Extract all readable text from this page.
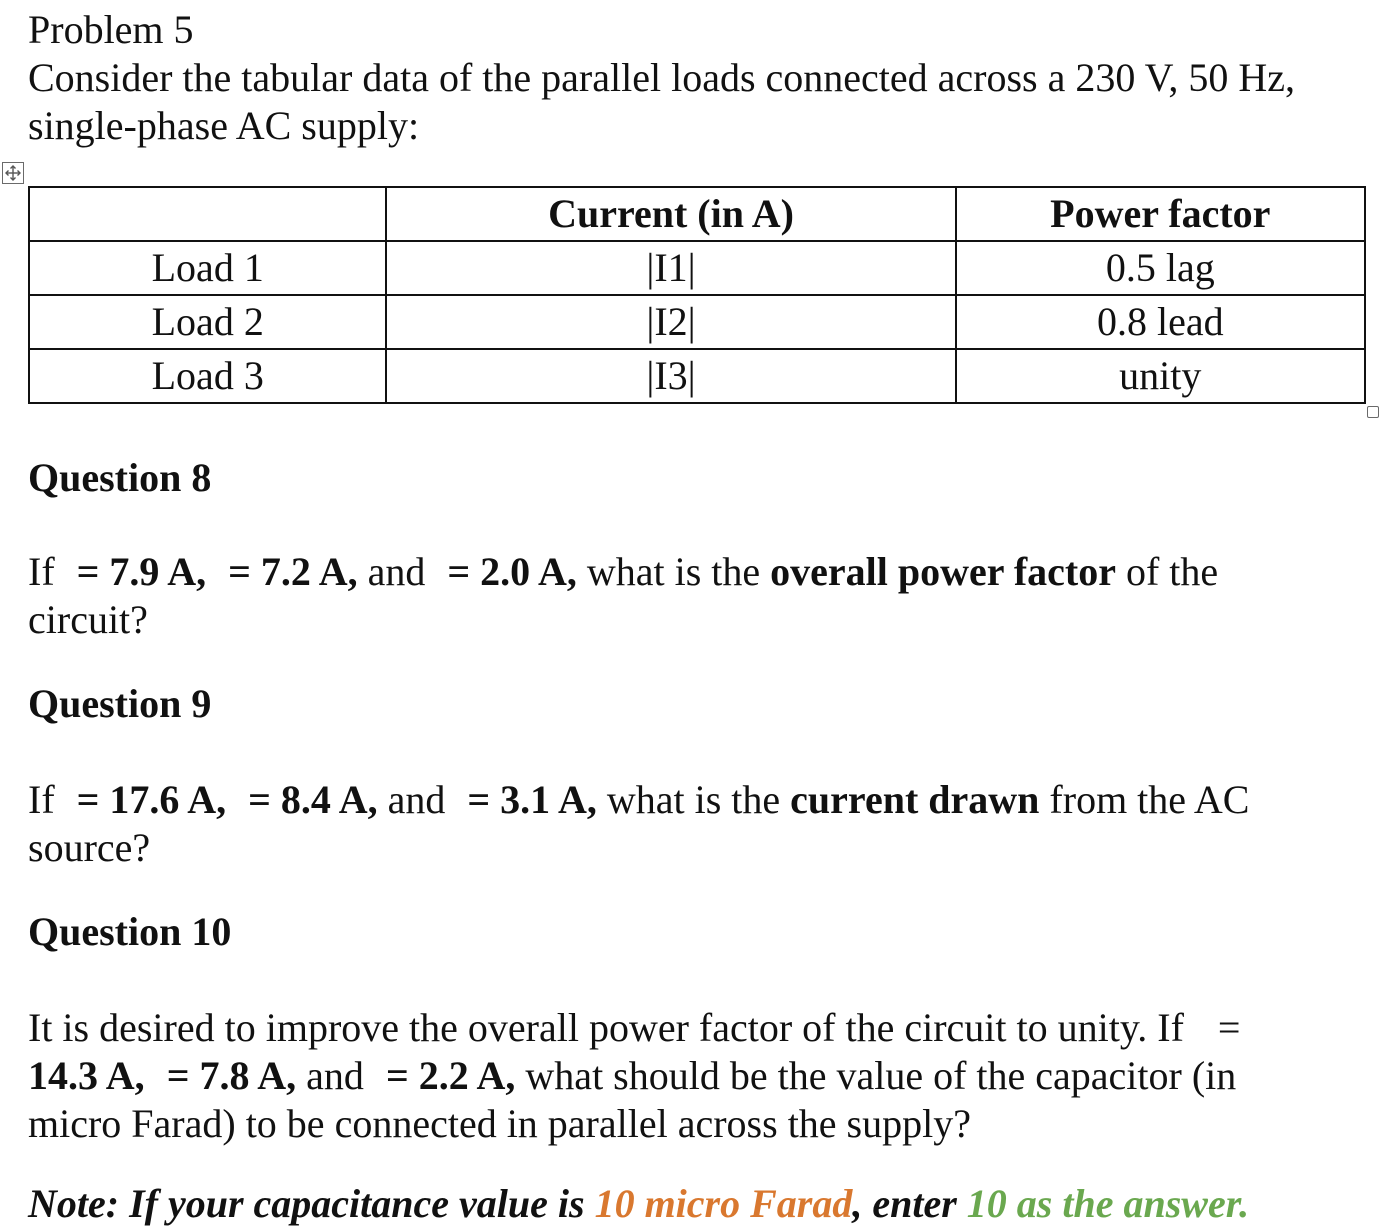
Problem 5
Consider the tabular data of the parallel loads connected across a 230 V, 50 Hz,
single-phase AC supply:
	Current (in A)	Power factor
Load 1	|I1|	0.5 lag
Load 2	|I2|	0.8 lead
Load 3	|I3|	unity
Question 8
If = 7.9 A, = 7.2 A, and = 2.0 A, what is the overall power factor of the
circuit?
Question 9
If = 17.6 A, = 8.4 A, and = 3.1 A, what is the current drawn from the AC
source?
Question 10
It is desired to improve the overall power factor of the circuit to unity. If =
14.3 A, = 7.8 A, and = 2.2 A, what should be the value of the capacitor (in
micro Farad) to be connected in parallel across the supply?
Note: If your capacitance value is 10 micro Farad, enter 10 as the answer.
